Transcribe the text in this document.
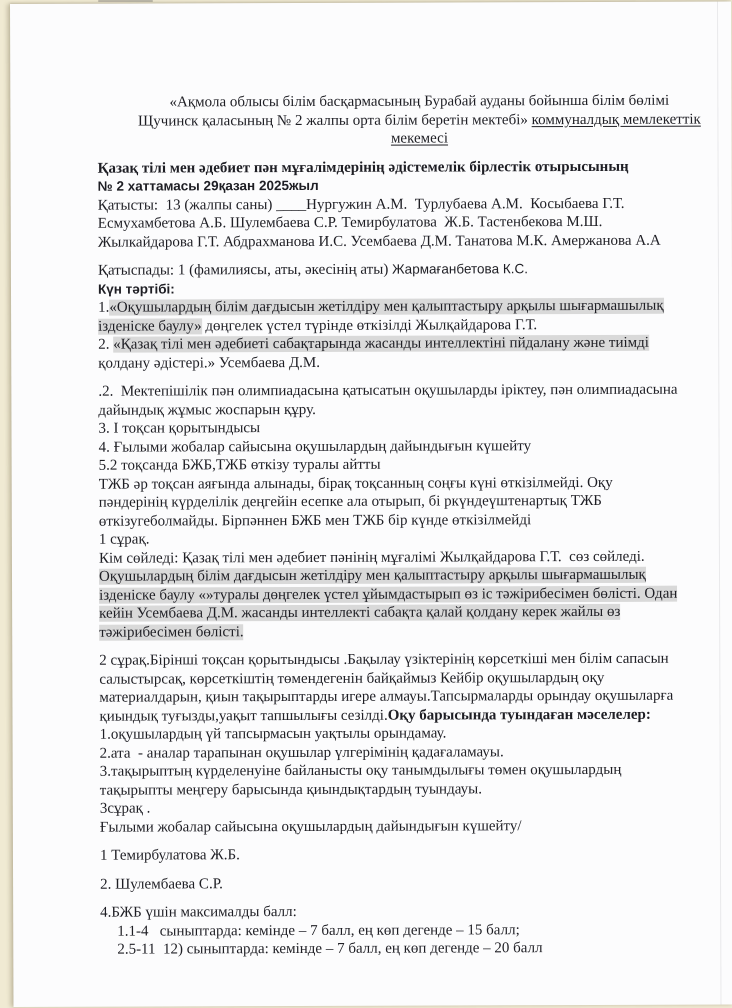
«Ақмола облысы білім басқармасының Бурабай ауданы бойынша білім бөлімі
Щучинск қаласының № 2 жалпы орта білім беретін мектебі» коммуналдық мемлекеттік
мекемесі
Қазақ тілі мен әдебиет пән мұғалімдерінің әдістемелік бірлестік отырысының
№ 2 хаттамасы 29қазан 2025жыл
Қатысты:  13 (жалпы саны) ____Нургужин А.М.  Турлубаева А.М.  Косыбаева Г.Т.
Есмухамбетова А.Б. Шулембаева С.Р. Темирбулатова  Ж.Б. Тастенбекова М.Ш.
Жылкайдарова Г.Т. Абдрахманова И.С. Усембаева Д.М. Танатова М.К. Амержанова А.А
Қатыспады: 1 (фамилиясы, аты, әкесінің аты) Жармағанбетова К.С.
Күн тәртібі:
1.«Оқушылардың білім дағдысын жетілдіру мен қалыптастыру арқылы шығармашылық
ізденіске баулу» дөңгелек үстел түрінде өткізілді Жылқайдарова Г.Т.
2. «Қазақ тілі мен әдебиеті сабақтарында жасанды интеллектіні пйдалану және тиімді
қолдану әдістері.» Усембаева Д.М.
.2.  Мектепішілік пән олимпиадасына қатысатын оқушыларды іріктеу, пән олимпиадасына
дайындық жұмыс жоспарын құру.
3. І тоқсан қорытындысы
4. Ғылыми жобалар сайысына оқушылардың дайындығын күшейту
5.2 тоқсанда БЖБ,ТЖБ өткізу туралы айтты
ТЖБ әр тоқсан аяғында алынады, бірақ тоқсанның соңғы күні өткізілмейді. Оқу
пәндерінің күрделілік деңгейін есепке ала отырып, бі ркүндеүштенартық ТЖБ
өткізугеболмайды. Бірпәннен БЖБ мен ТЖБ бір күнде өткізілмейді
1 сұрақ.
Кім сөйледі: Қазақ тілі мен әдебиет пәнінің мұғалімі Жылқайдарова Г.Т.  сөз сөйледі.
Оқушылардың білім дағдысын жетілдіру мен қалыптастыру арқылы шығармашылық
ізденіске баулу «»туралы дөңгелек үстел ұйымдастырып өз іс тәжірибесімен бөлісті. Одан
кейін Усембаева Д.М. жасанды интеллекті сабақта қалай қолдану керек жайлы өз
тәжірибесімен бөлісті.
2 сұрақ.Бірінші тоқсан қорытындысы .Бақылау үзіктерінің көрсеткіші мен білім сапасын
салыстырсақ, көрсеткіштің төмендегенін байқаймыз Кейбір оқушылардың оқу
материалдарын, қиын тақырыптарды игере алмауы.Тапсырмаларды орындау оқушыларға
қиындық туғызды,уақыт тапшылығы сезілді.Оқу барысында туындаған мәселелер:
1.оқушылардың үй тапсырмасын уақтылы орындамау.
2.ата  - аналар тарапынан оқушылар үлгерімінің қадағаламауы.
3.тақырыптың күрделенуіне байланысты оқу танымдылығы төмен оқушылардың
тақырыпты меңгеру барысында қиындықтардың туындауы.
3сұрақ .
Ғылыми жобалар сайысына оқушылардың дайындығын күшейту/
1 Темирбулатова Ж.Б.
2. Шулембаева С.Р.
4.БЖБ үшін максималды балл:
1.1-4   сыныптарда: кемінде – 7 балл, ең көп дегенде – 15 балл;
2.5-11  12) сыныптарда: кемінде – 7 балл, ең көп дегенде – 20 балл
